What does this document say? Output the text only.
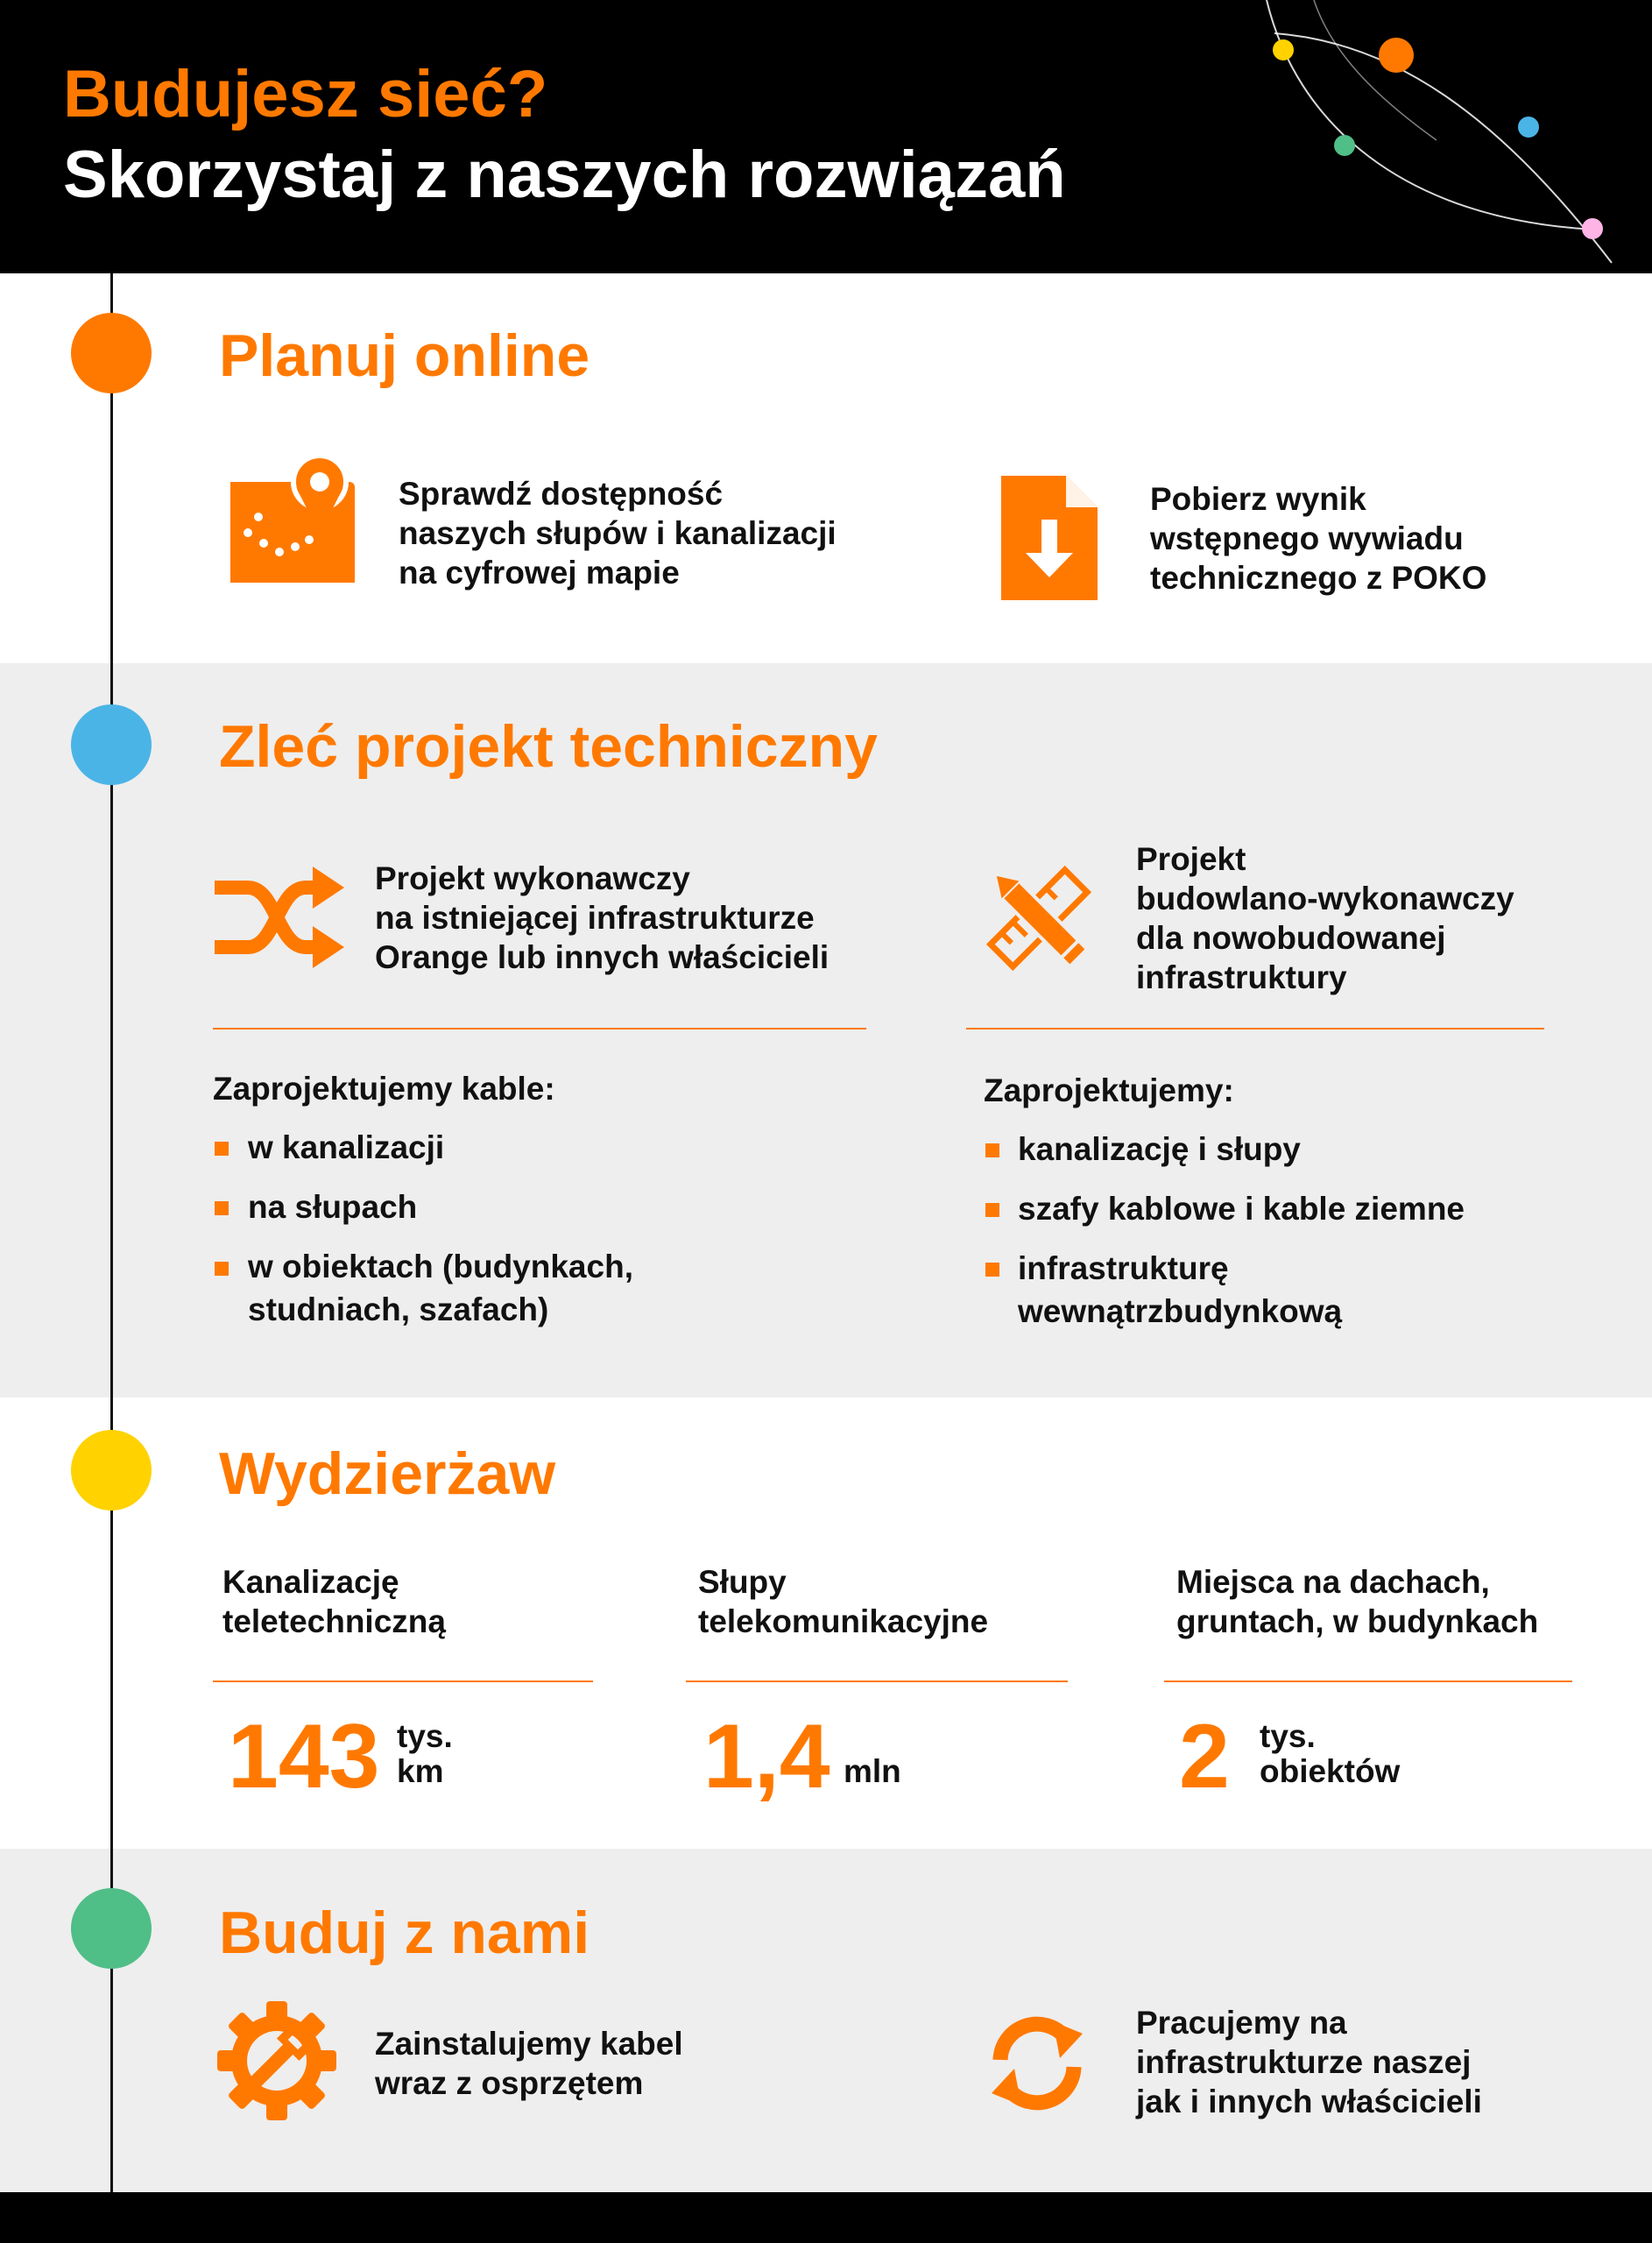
Budujesz sieć?
Skorzystaj z naszych rozwiązań
Planuj online
Sprawdź dostępność
naszych słupów i kanalizacji
na cyfrowej mapie
Pobierz wynik
wstępnego wywiadu
technicznego z POKO
Zleć projekt techniczny
Projekt wykonawczy
na istniejącej infrastrukturze
Orange lub innych właścicieli
Projekt
budowlano-wykonawczy
dla nowobudowanej
infrastruktury
Zaprojektujemy kable:
w kanalizacji
na słupach
w obiektach (budynkach,
studniach, szafach)
Zaprojektujemy:
kanalizację i słupy
szafy kablowe i kable ziemne
infrastrukturę
wewnątrzbudynkową
Wydzierżaw
Kanalizację
teletechniczną
143 tys.
km
Słupy
telekomunikacyjne
1,4 mln
Miejsca na dachach,
gruntach, w budynkach
2 tys.
obiektów
Buduj z nami
Zainstalujemy kabel
wraz z osprzętem
Pracujemy na
infrastrukturze naszej
jak i innych właścicieli
